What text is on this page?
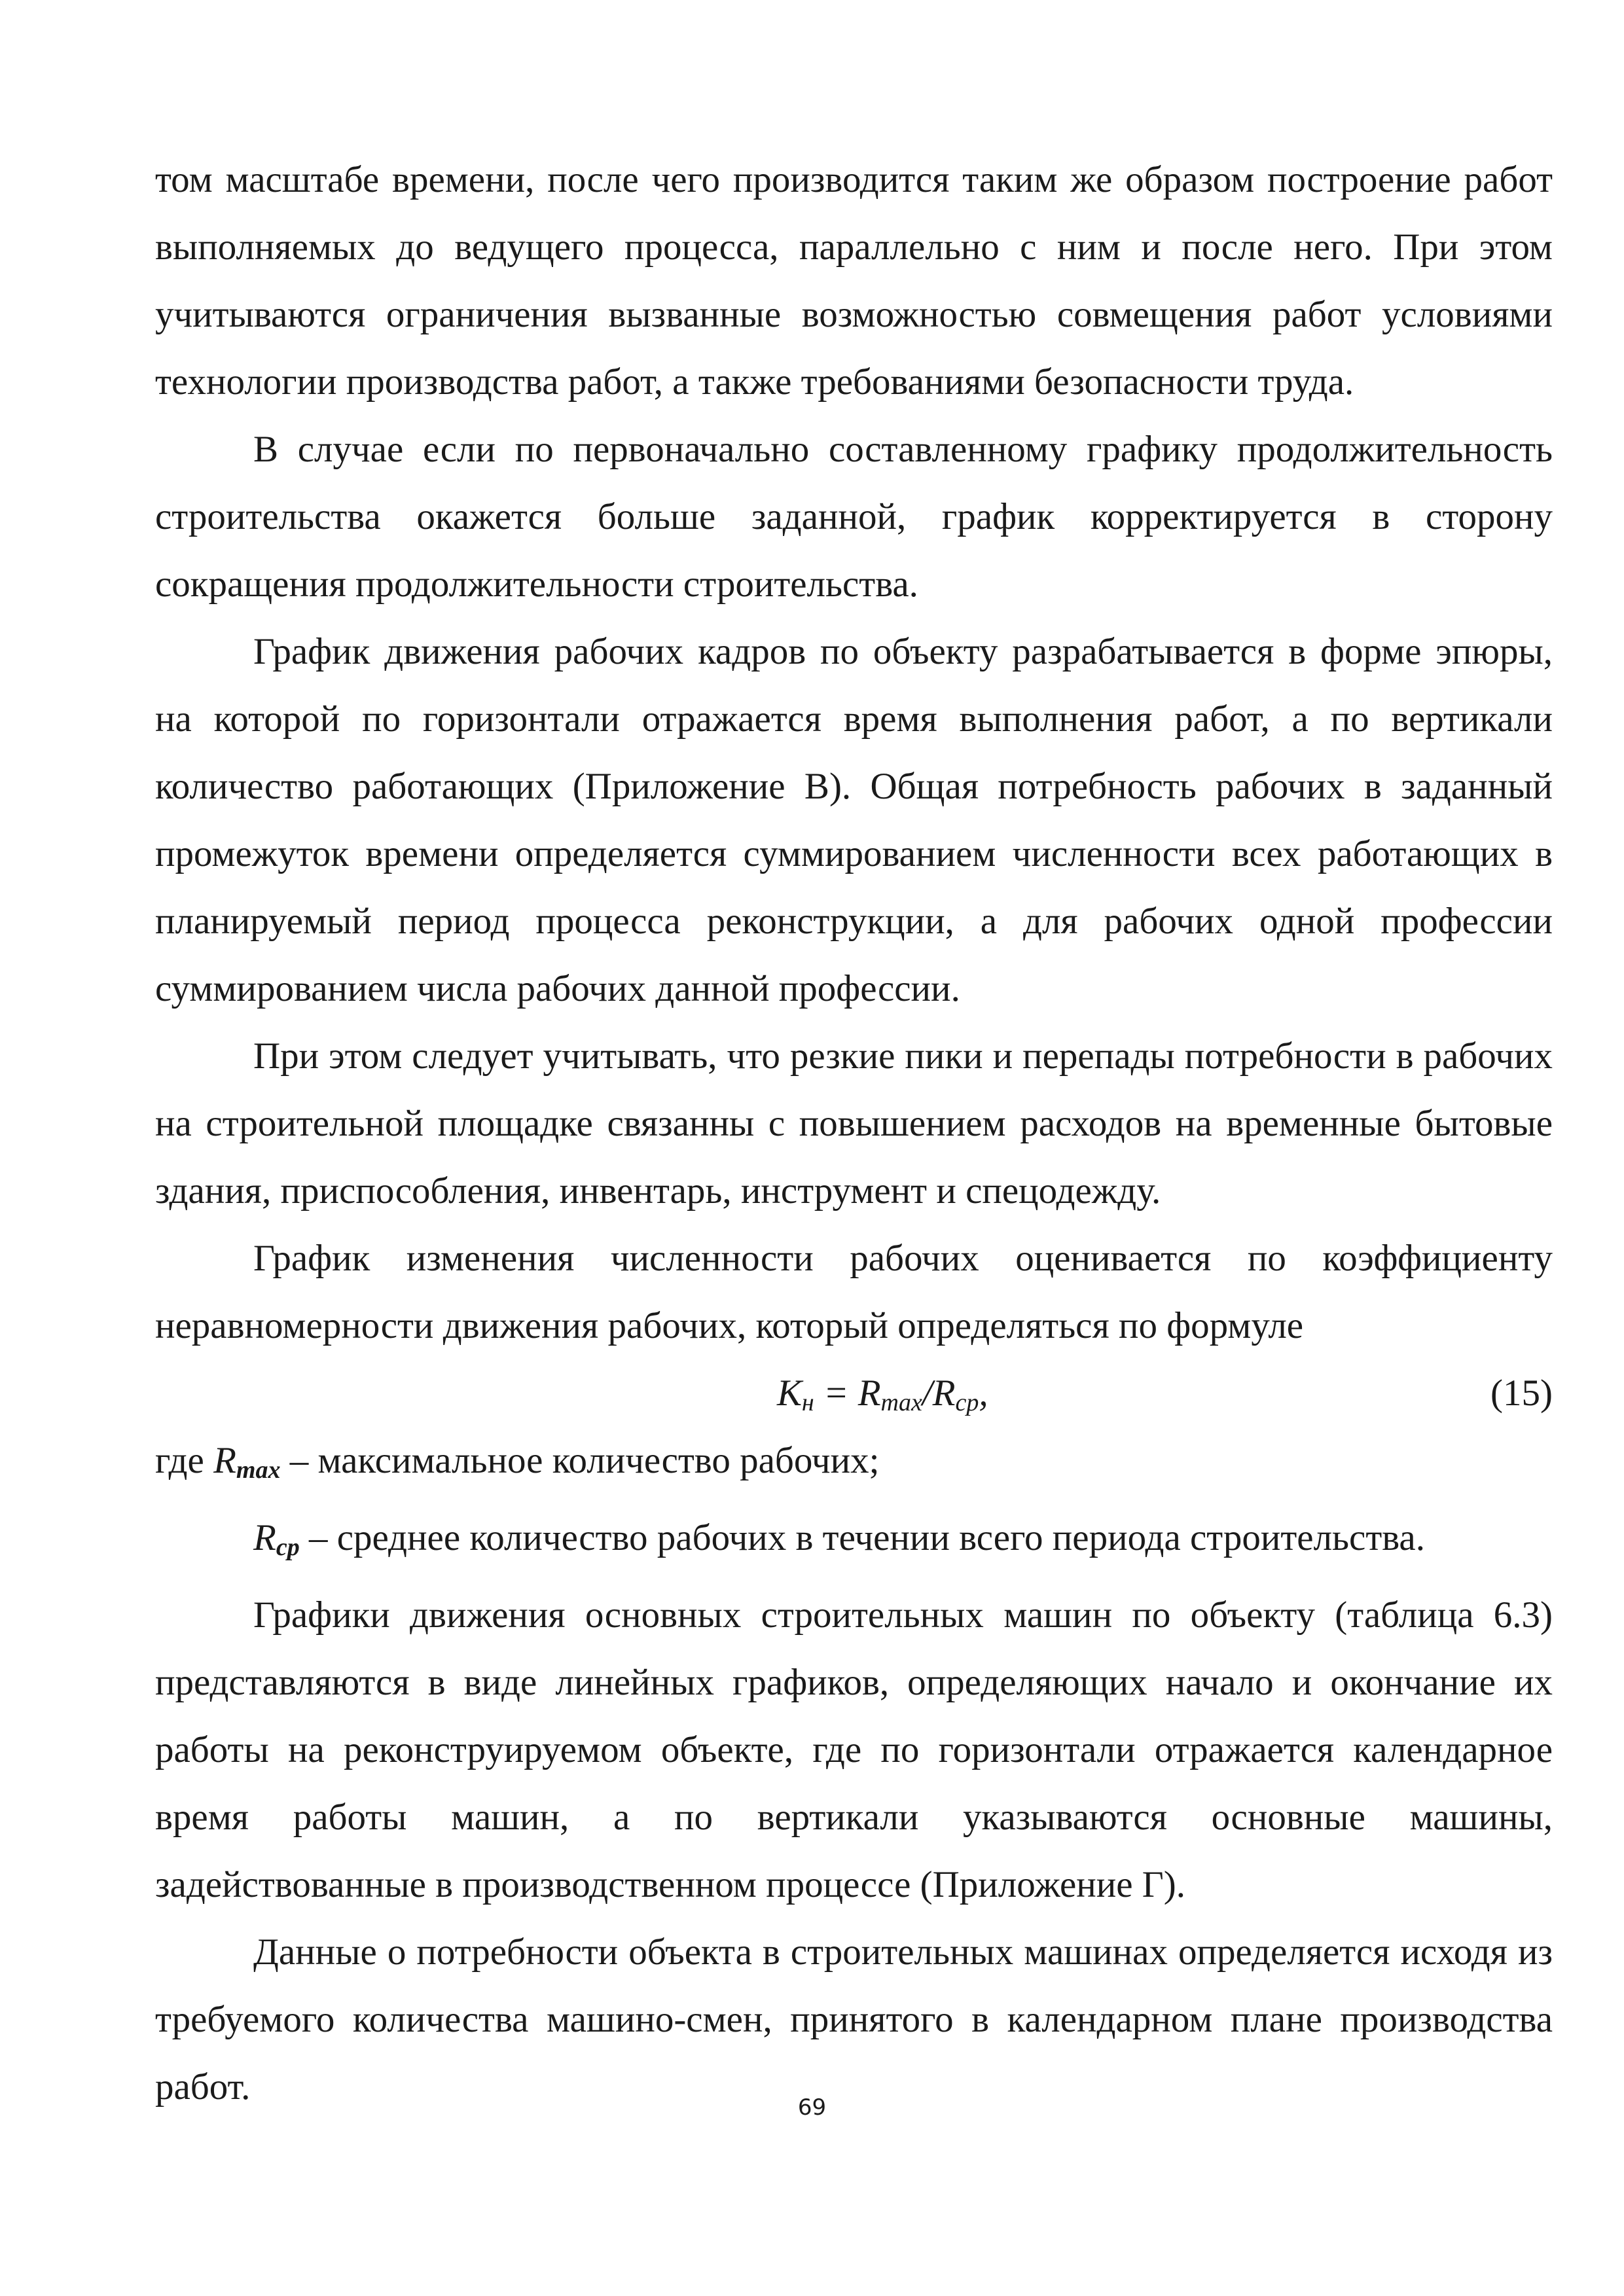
том масштабе времени, после чего производится таким же образом построение работ выполняемых до ведущего процесса, параллельно с ним и после него. При этом учитываются ограничения вызванные возможностью совмещения работ условиями технологии производства работ, а также требованиями безопасности труда.

В случае если по первоначально составленному графику продолжительность строительства окажется больше заданной, график корректируется в сторону сокращения продолжительности строительства.

График движения рабочих кадров по объекту разрабатывается в форме эпюры, на которой по горизонтали отражается время выполнения работ, а по вертикали количество работающих (Приложение В). Общая потребность рабочих в заданный промежуток времени определяется суммированием численности всех работающих в планируемый период процесса реконструкции, а для рабочих одной профессии суммированием числа рабочих данной профессии.

При этом следует учитывать, что резкие пики и перепады потребности в рабочих на строительной площадке связанны с повышением расходов на временные бытовые здания, приспособления, инвентарь, инструмент и спецодежду.

График изменения численности рабочих оценивается по коэффициенту неравномерности движения рабочих, который определяться по формуле

$К_н = R_{max}/R_{ср}$,	(15)

где $R_{max}$ – максимальное количество рабочих;

$R_{cp}$ – среднее количество рабочих в течении всего периода строительства.

Графики движения основных строительных машин по объекту (таблица 6.3) представляются в виде линейных графиков, определяющих начало и окончание их работы на реконструируемом объекте, где по горизонтали отражается календарное время работы машин, а по вертикали указываются основные машины, задействованные в производственном процессе (Приложение Г).

Данные о потребности объекта в строительных машинах определяется исходя из требуемого количества машино-смен, принятого в календарном плане производства работ.	69
